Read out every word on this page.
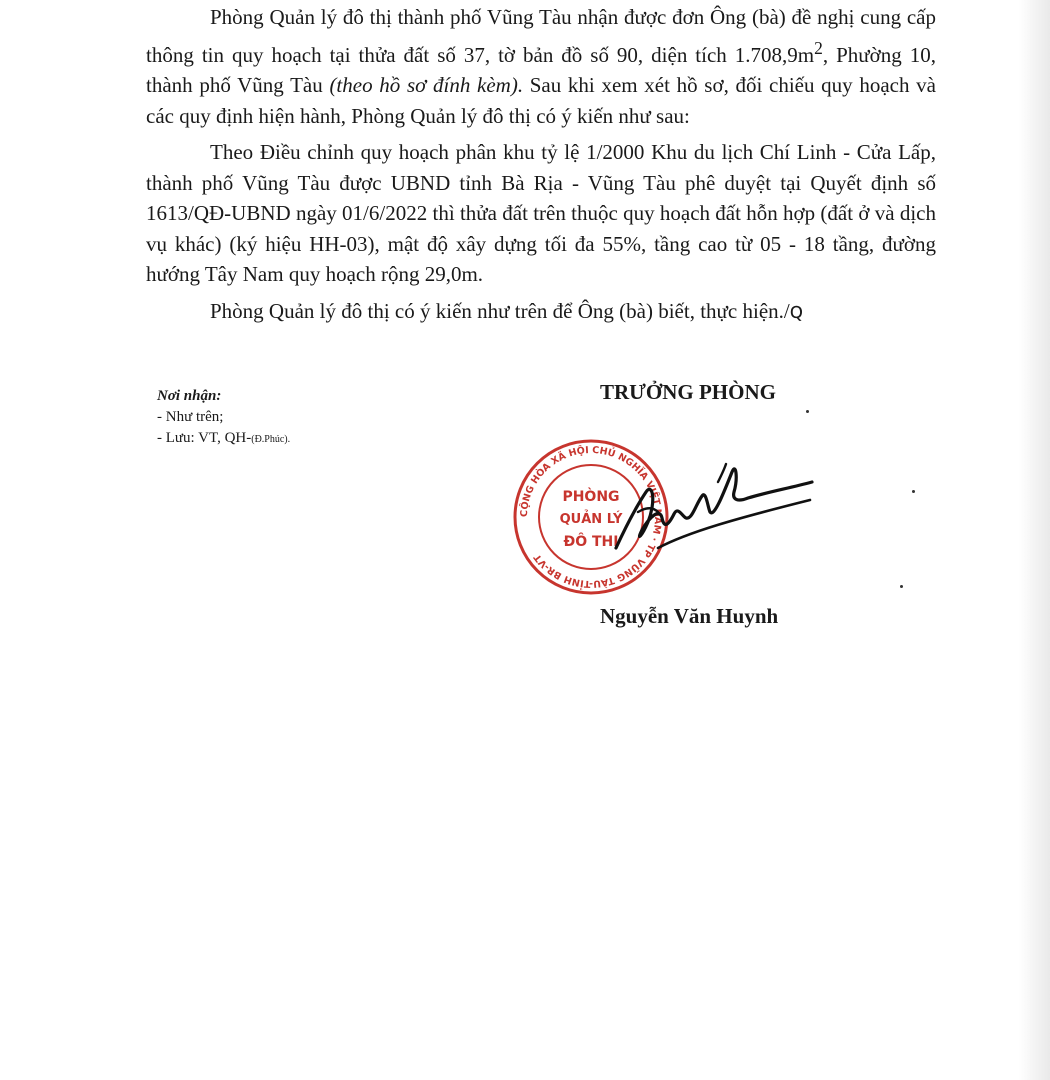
Phòng Quản lý đô thị thành phố Vũng Tàu nhận được đơn Ông (bà) đề nghị cung cấp thông tin quy hoạch tại thửa đất số 37, tờ bản đồ số 90, diện tích $1.708,9m^2$, Phường 10, thành phố Vũng Tàu (theo hồ sơ đính kèm). Sau khi xem xét hồ sơ, đối chiếu quy hoạch và các quy định hiện hành, Phòng Quản lý đô thị có ý kiến như sau:

Theo Điều chỉnh quy hoạch phân khu tỷ lệ 1/2000 Khu du lịch Chí Linh - Cửa Lấp, thành phố Vũng Tàu được UBND tỉnh Bà Rịa - Vũng Tàu phê duyệt tại Quyết định số 1613/QĐ-UBND ngày 01/6/2022 thì thửa đất trên thuộc quy hoạch đất hỗn hợp (đất ở và dịch vụ khác) (ký hiệu HH-03), mật độ xây dựng tối đa 55%, tầng cao từ 05 - 18 tầng, đường hướng Tây Nam quy hoạch rộng 29,0m.

Phòng Quản lý đô thị có ý kiến như trên để Ông (bà) biết, thực hiện./ꞯ

Nơi nhận:
- Như trên;
- Lưu: VT, QH-(Đ.Phúc).
TRƯỞNG PHÒNG
CỘNG HÒA XÃ HỘI CHỦ NGHĨA VIỆT NAM · TP VŨNG TÀU-TỈNH BR-VT
PHÒNG
QUẢN LÝ
ĐÔ THỊ
Nguyễn Văn Huynh
